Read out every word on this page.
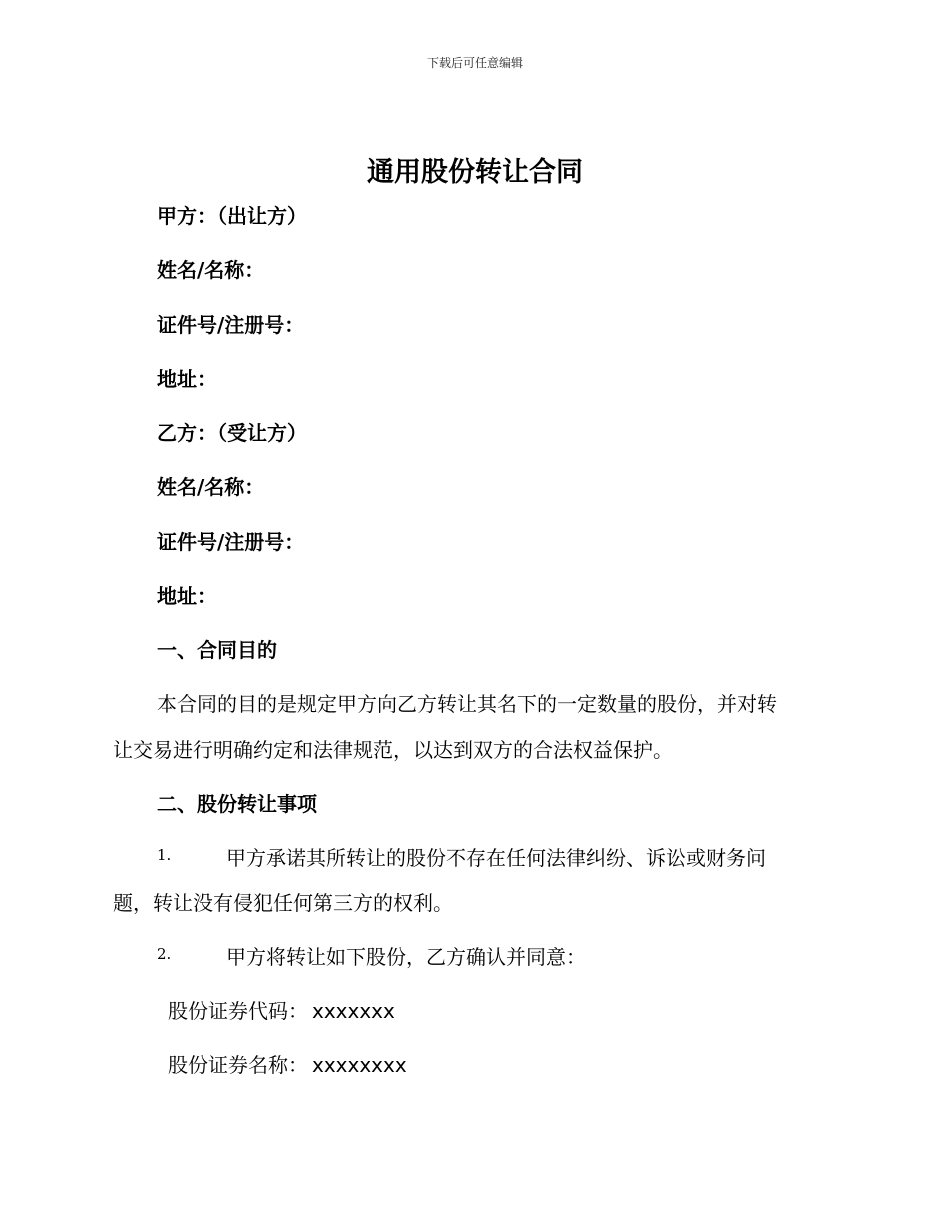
下载后可任意编辑
通用股份转让合同
甲方：（出让方）
姓名/名称：
证件号/注册号：
地址：
乙方：（受让方）
姓名/名称：
证件号/注册号：
地址：
一、合同目的
本合同的目的是规定甲方向乙方转让其名下的一定数量的股份，并对转
让交易进行明确约定和法律规范，以达到双方的合法权益保护。
二、股份转让事项
1.	甲方承诺其所转让的股份不存在任何法律纠纷、诉讼或财务问
题，转让没有侵犯任何第三方的权利。
2.	甲方将转让如下股份，乙方确认并同意：
股份证券代码： xxxxxxx
股份证券名称： xxxxxxxx
